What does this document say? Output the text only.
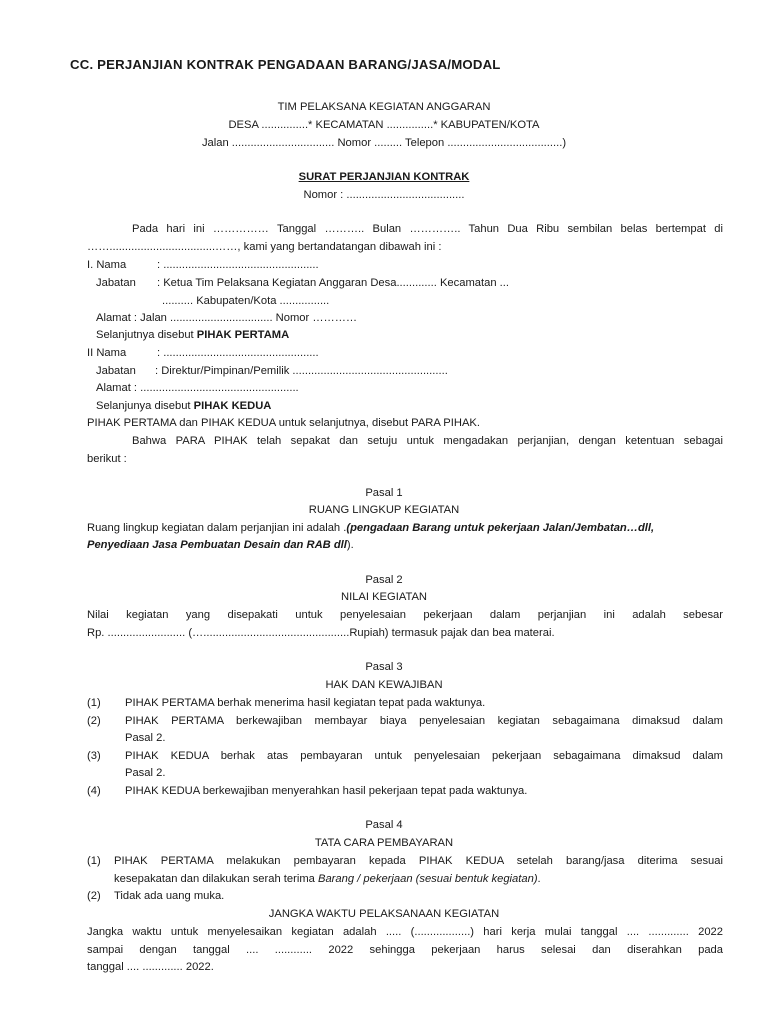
CC. PERJANJIAN KONTRAK PENGADAAN BARANG/JASA/MODAL
TIM PELAKSANA KEGIATAN ANGGARAN
DESA ...............* KECAMATAN ...............* KABUPATEN/KOTA
Jalan ................................. Nomor ......... Telepon .....................................)
SURAT PERJANJIAN KONTRAK
Nomor : ......................................
Pada hari ini …………… Tanggal ……….. Bulan ………….. Tahun Dua Ribu sembilan belas bertempat di
……..................................……, kami yang bertandatangan dibawah ini :
I. Nama	: ..................................................
Jabatan : Ketua Tim Pelaksana Kegiatan Anggaran Desa............. Kecamatan ...
.......... Kabupaten/Kota ................
Alamat : Jalan ................................. Nomor …………
Selanjutnya disebut PIHAK PERTAMA
II Nama	: ..................................................
Jabatan : Direktur/Pimpinan/Pemilik ..................................................
Alamat : ...................................................
Selanjunya disebut PIHAK KEDUA
PIHAK PERTAMA dan PIHAK KEDUA untuk selanjutnya, disebut PARA PIHAK.
Bahwa PARA PIHAK telah sepakat dan setuju untuk mengadakan perjanjian, dengan ketentuan sebagai
berikut :
Pasal 1
RUANG LINGKUP KEGIATAN
Ruang lingkup kegiatan dalam perjanjian ini adalah .(pengadaan Barang untuk pekerjaan Jalan/Jembatan…dll,
Penyediaan Jasa Pembuatan Desain dan RAB dll).
Pasal 2
NILAI KEGIATAN
Nilai kegiatan yang disepakati untuk penyelesaian pekerjaan dalam perjanjian ini adalah sebesar
Rp. ......................... (…...............................................Rupiah) termasuk pajak dan bea materai.
Pasal 3
HAK DAN KEWAJIBAN
(1) PIHAK PERTAMA berhak menerima hasil kegiatan tepat pada waktunya.
(2) PIHAK PERTAMA berkewajiban membayar biaya penyelesaian kegiatan sebagaimana dimaksud dalam
Pasal 2.
(3) PIHAK KEDUA berhak atas pembayaran untuk penyelesaian pekerjaan sebagaimana dimaksud dalam
Pasal 2.
(4) PIHAK KEDUA berkewajiban menyerahkan hasil pekerjaan tepat pada waktunya.
Pasal 4
TATA CARA PEMBAYARAN
(1) PIHAK PERTAMA melakukan pembayaran kepada PIHAK KEDUA setelah barang/jasa diterima sesuai
kesepakatan dan dilakukan serah terima Barang / pekerjaan (sesuai bentuk kegiatan).
(2) Tidak ada uang muka.
JANGKA WAKTU PELAKSANAAN KEGIATAN
Jangka waktu untuk menyelesaikan kegiatan adalah ..... (..................) hari kerja mulai tanggal .... ............. 2022
sampai dengan tanggal .... ............ 2022 sehingga pekerjaan harus selesai dan diserahkan pada
tanggal .... ............. 2022.
